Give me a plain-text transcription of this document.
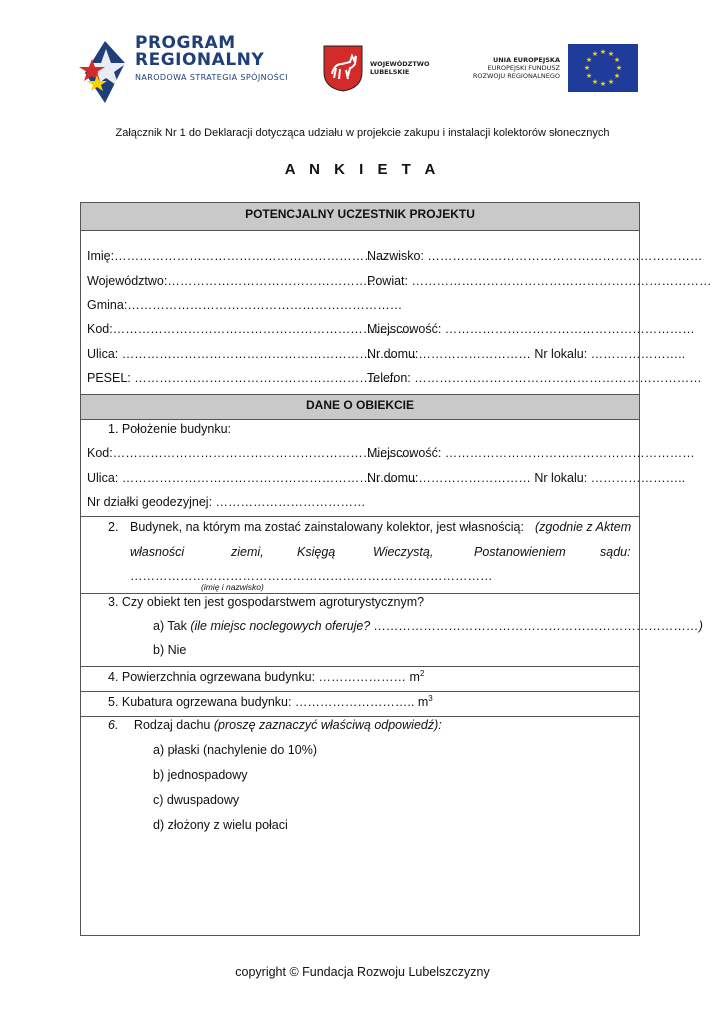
PROGRAM
REGIONALNY
NARODOWA STRATEGIA SPÓJNOŚCI
WOJEWÓDZTWO
LUBELSKIE
UNIA EUROPEJSKA
EUROPEJSKI FUNDUSZ
ROZWOJU REGIONALNEGO
★ ★
★
★
★
★
★
★
★
★
★
★
Załącznik Nr 1 do Deklaracji dotycząca udziału w projekcie zakupu i instalacji kolektorów słonecznych
A N K I E T A
POTENCJALNY UCZESTNIK PROJEKTU
Imię:……………………………………………………………
Nazwisko: …………………………………………………………
Województwo:……………………………………………
Powiat: ………………………………………………………………
Gmina:…………………………………………………………
Kod:………………………………………………………………
Miejscowość: ……………………………………………………
Ulica: ……………………………………………………………..
Nr domu:……………………… Nr lokalu: …………………..
PESEL: ………………………………………………………
Telefon: ……………………………………………………………
DANE O OBIEKCIE
1. Położenie budynku:
Kod:………………………………………………………………
Miejscowość: ……………………………………………………
Ulica: ……………………………………………………………..
Nr domu:……………………… Nr lokalu: …………………..
Nr działki geodezyjnej: ………………………………
2. Budynek, na którym ma zostać zainstalowany kolektor, jest własnością: (zgodnie z Aktem
własności	ziemi,	Księgą	Wieczystą,	Postanowieniem	sądu:
……………………………………………………………………………
(imię i nazwisko)
3. Czy obiekt ten jest gospodarstwem agroturystycznym?
a) Tak (ile miejsc noclegowych oferuje? ……………………………………………………………………)
b) Nie
4. Powierzchnia ogrzewana budynku: ………………… $m^2$
5. Kubatura ogrzewana budynku: ……………………….. $m^3$
6. Rodzaj dachu (proszę zaznaczyć właściwą odpowiedź):
a) płaski (nachylenie do 10%)
b) jednospadowy
c) dwuspadowy
d) złożony z wielu połaci
copyright © Fundacja Rozwoju Lubelszczyzny
